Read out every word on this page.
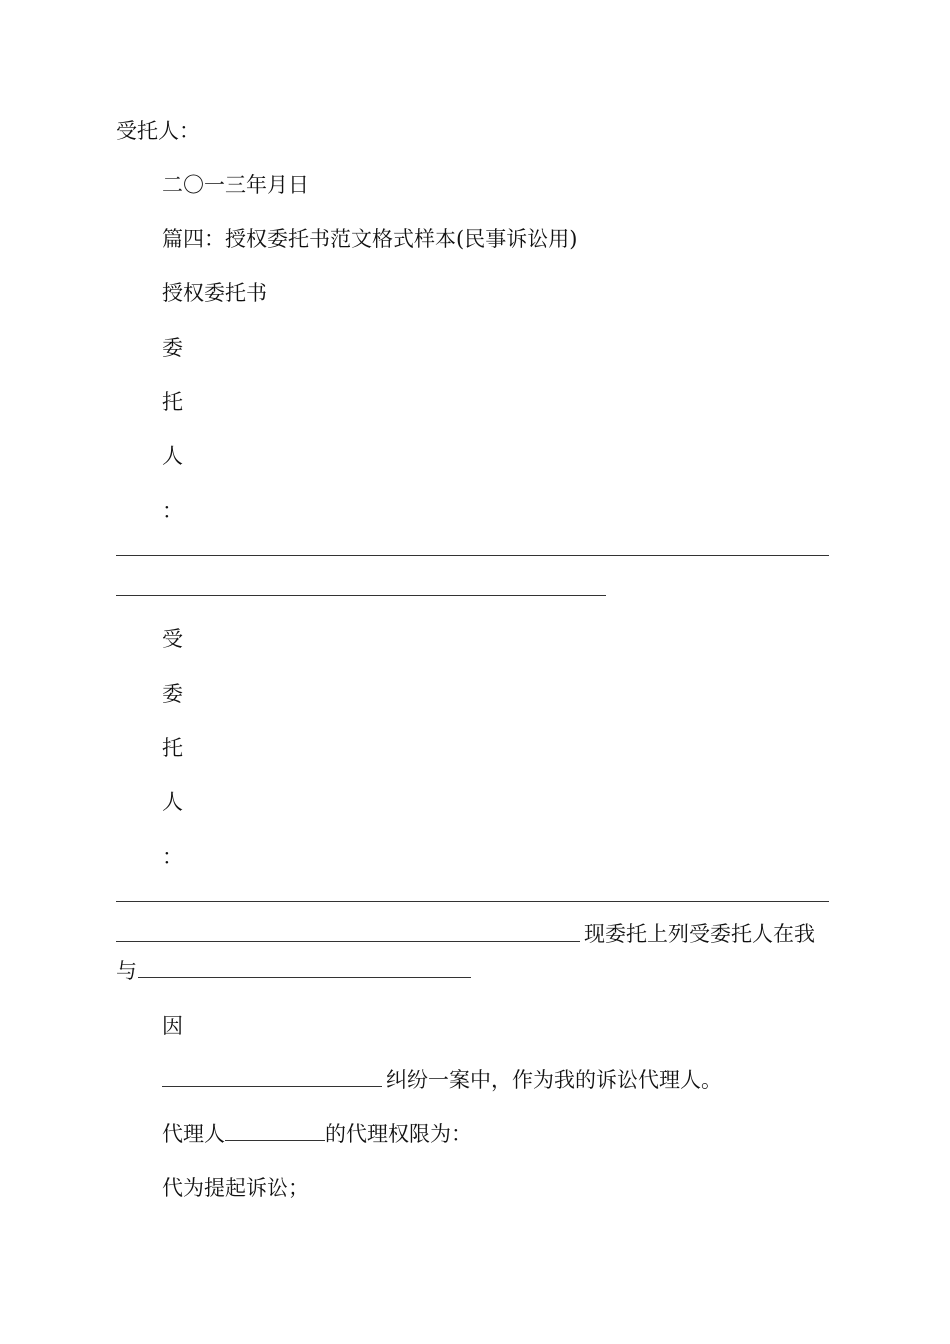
受托人：
二〇一三年月日
篇四：授权委托书范文格式样本(民事诉讼用)
授权委托书
委
托
人
：
受
委
托
人
：
现委托上列受委托人在我
与
因
纠纷一案中，作为我的诉讼代理人。
代理人	的代理权限为：
代为提起诉讼；
